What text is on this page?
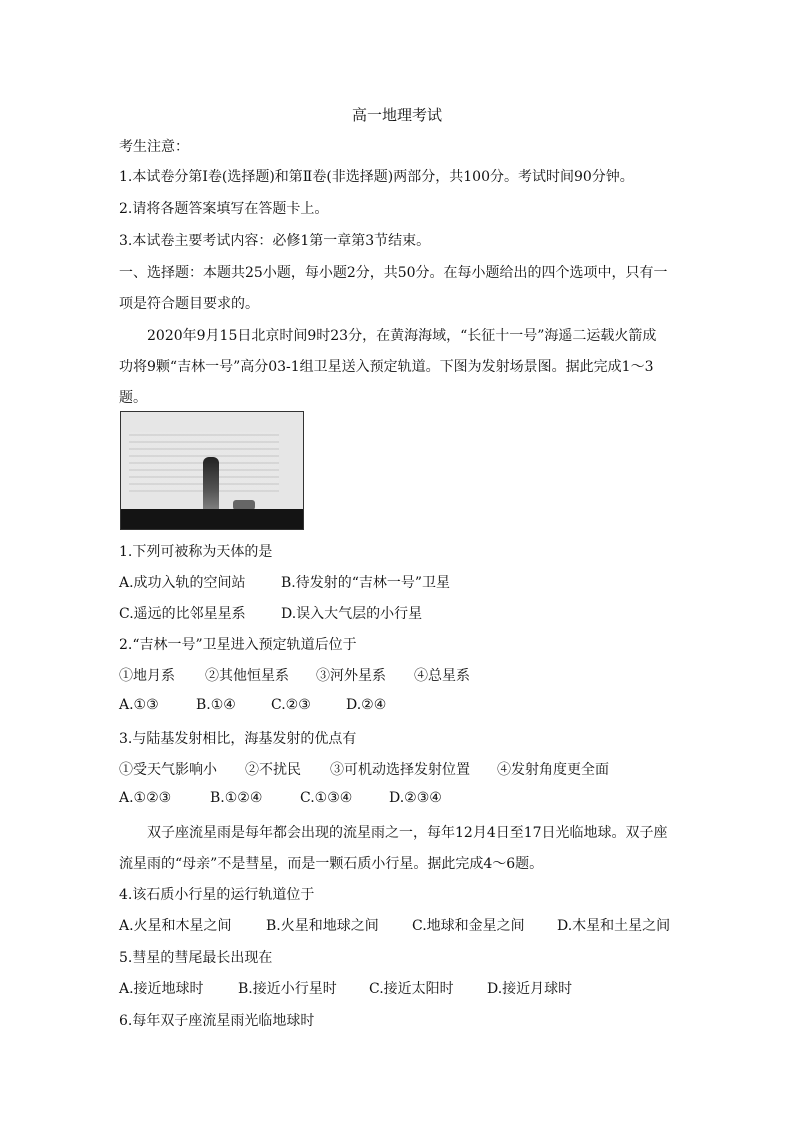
高一地理考试
考生注意：
1.本试卷分第Ⅰ卷(选择题)和第Ⅱ卷(非选择题)两部分，共100分。考试时间90分钟。
2.请将各题答案填写在答题卡上。
3.本试卷主要考试内容：必修1第一章第3节结束。
一、选择题：本题共25小题，每小题2分，共50分。在每小题给出的四个选项中，只有一
项是符合题目要求的。
2020年9月15日北京时间9时23分，在黄海海域，“长征十一号”海遥二运载火箭成
功将9颗“吉林一号”高分03-1组卫星送入预定轨道。下图为发射场景图。据此完成1～3
题。
1.下列可被称为天体的是
A.成功入轨的空间站	B.待发射的“吉林一号”卫星
C.遥远的比邻星星系	D.误入大气层的小行星
2.“吉林一号”卫星进入预定轨道后位于
①地月系 ②其他恒星系 ③河外星系 ④总星系
A.①③	B.①④	C.②③	D.②④
3.与陆基发射相比，海基发射的优点有
①受天气影响小 ②不扰民 ③可机动选择发射位置 ④发射角度更全面
A.①②③	B.①②④	C.①③④	D.②③④
双子座流星雨是每年都会出现的流星雨之一，每年12月4日至17日光临地球。双子座
流星雨的“母亲”不是彗星，而是一颗石质小行星。据此完成4～6题。
4.该石质小行星的运行轨道位于
A.火星和木星之间 B.火星和地球之间 C.地球和金星之间 D.木星和土星之间
5.彗星的彗尾最长出现在
A.接近地球时 B.接近小行星时 C.接近太阳时 D.接近月球时
6.每年双子座流星雨光临地球时
